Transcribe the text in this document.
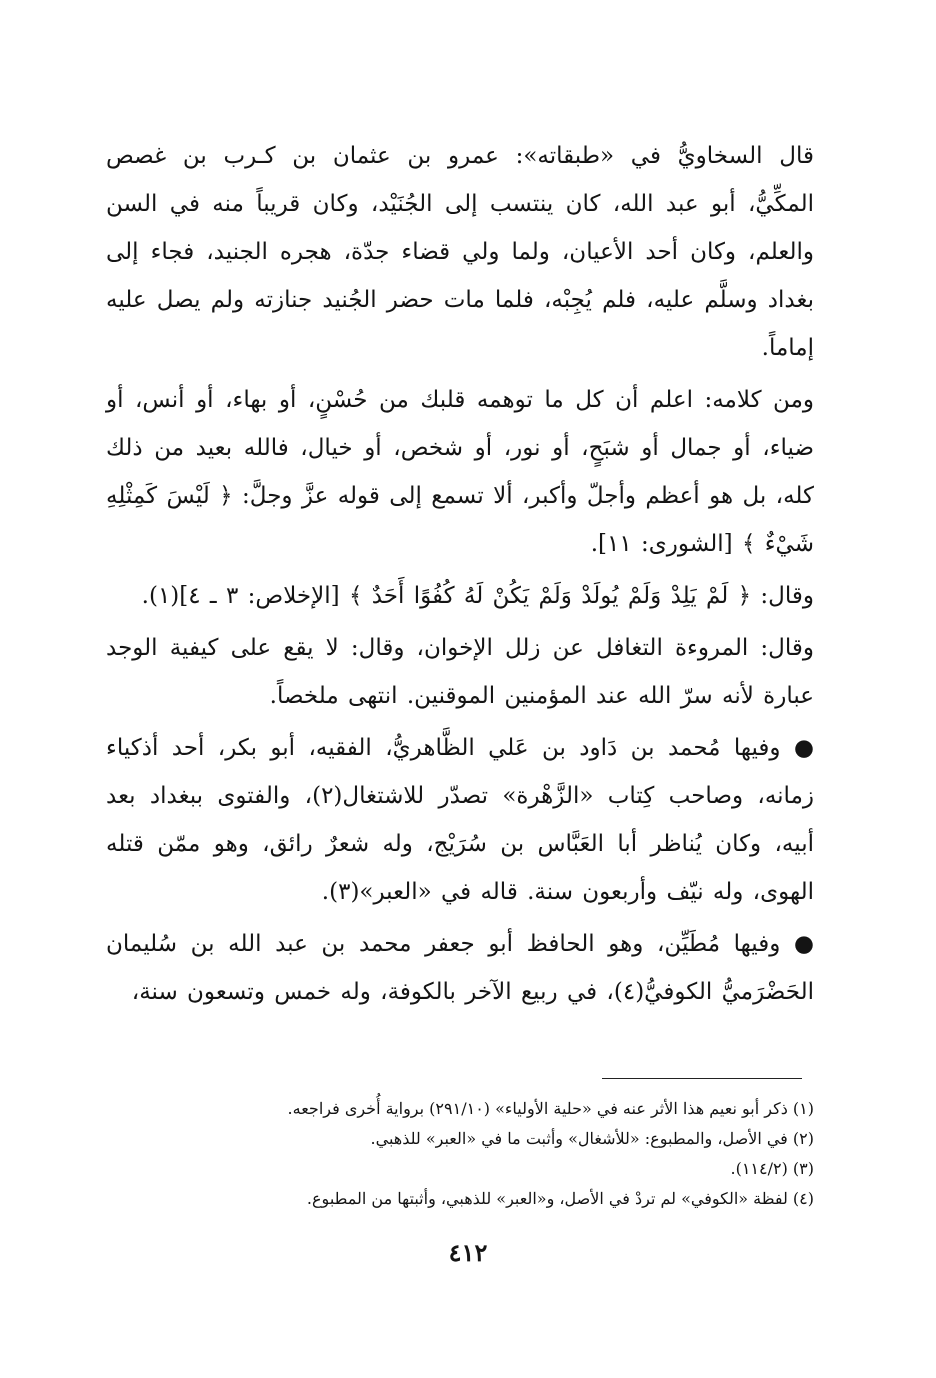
قال السخاويُّ في «طبقاته»: عمرو بن عثمان بن كـرب بن غصص المكِّيُّ، أبو عبد الله، كان ينتسب إلى الجُنَيْد، وكان قريباً منه في السن والعلم، وكان أحد الأعيان، ولما ولي قضاء جدّة، هجره الجنيد، فجاء إلى بغداد وسلَّم عليه، فلم يُجِبْه، فلما مات حضر الجُنيد جنازته ولم يصل عليه إماماً.

ومن كلامه: اعلم أن كل ما توهمه قلبك من حُسْنٍ، أو بهاء، أو أنس، أو ضياء، أو جمال أو شبَحٍ، أو نور، أو شخص، أو خيال، فالله بعيد من ذلك كله، بل هو أعظم وأجلّ وأكبر، ألا تسمع إلى قوله عزَّ وجلَّ: ﴿ لَيْسَ كَمِثْلِهِ شَيْءٌ ﴾ [الشورى: ١١].

وقال: ﴿ لَمْ يَلِدْ وَلَمْ يُولَدْ وَلَمْ يَكُنْ لَهُ كُفُوًا أَحَدٌ ﴾ [الإخلاص: ٣ ـ ٤](١).

وقال: المروءة التغافل عن زلل الإخوان، وقال: لا يقع على كيفية الوجد عبارة لأنه سرّ الله عند المؤمنين الموقنين. انتهى ملخصاً.

● وفيها مُحمد بن دَاود بن عَلي الظَّاهريُّ، الفقيه، أبو بكر، أحد أذكياء زمانه، وصاحب كِتاب «الزَّهْرة» تصدّر للاشتغال(٢)، والفتوى ببغداد بعد أبيه، وكان يُناظر أبا العَبَّاس بن سُرَيْج، وله شعرٌ رائق، وهو ممّن قتله الهوى، وله نيّف وأربعون سنة. قاله في «العبر»(٣).

● وفيها مُطَيِّن، وهو الحافظ أبو جعفر محمد بن عبد الله بن سُليمان الحَضْرَميُّ الكوفيُّ(٤)، في ربيع الآخر بالكوفة، وله خمس وتسعون سنة،

(١) ذكر أبو نعيم هذا الأثر عنه في «حلية الأولياء» (٢٩١/١٠) برواية أُخرى فراجعه.

(٢) في الأصل، والمطبوع: «للأشغال» وأثبت ما في «العبر» للذهبي.

(٣) (١١٤/٢).

(٤) لفظة «الكوفي» لم تردْ في الأصل، و«العبر» للذهبي، وأثبتها من المطبوع.

٤١٢
